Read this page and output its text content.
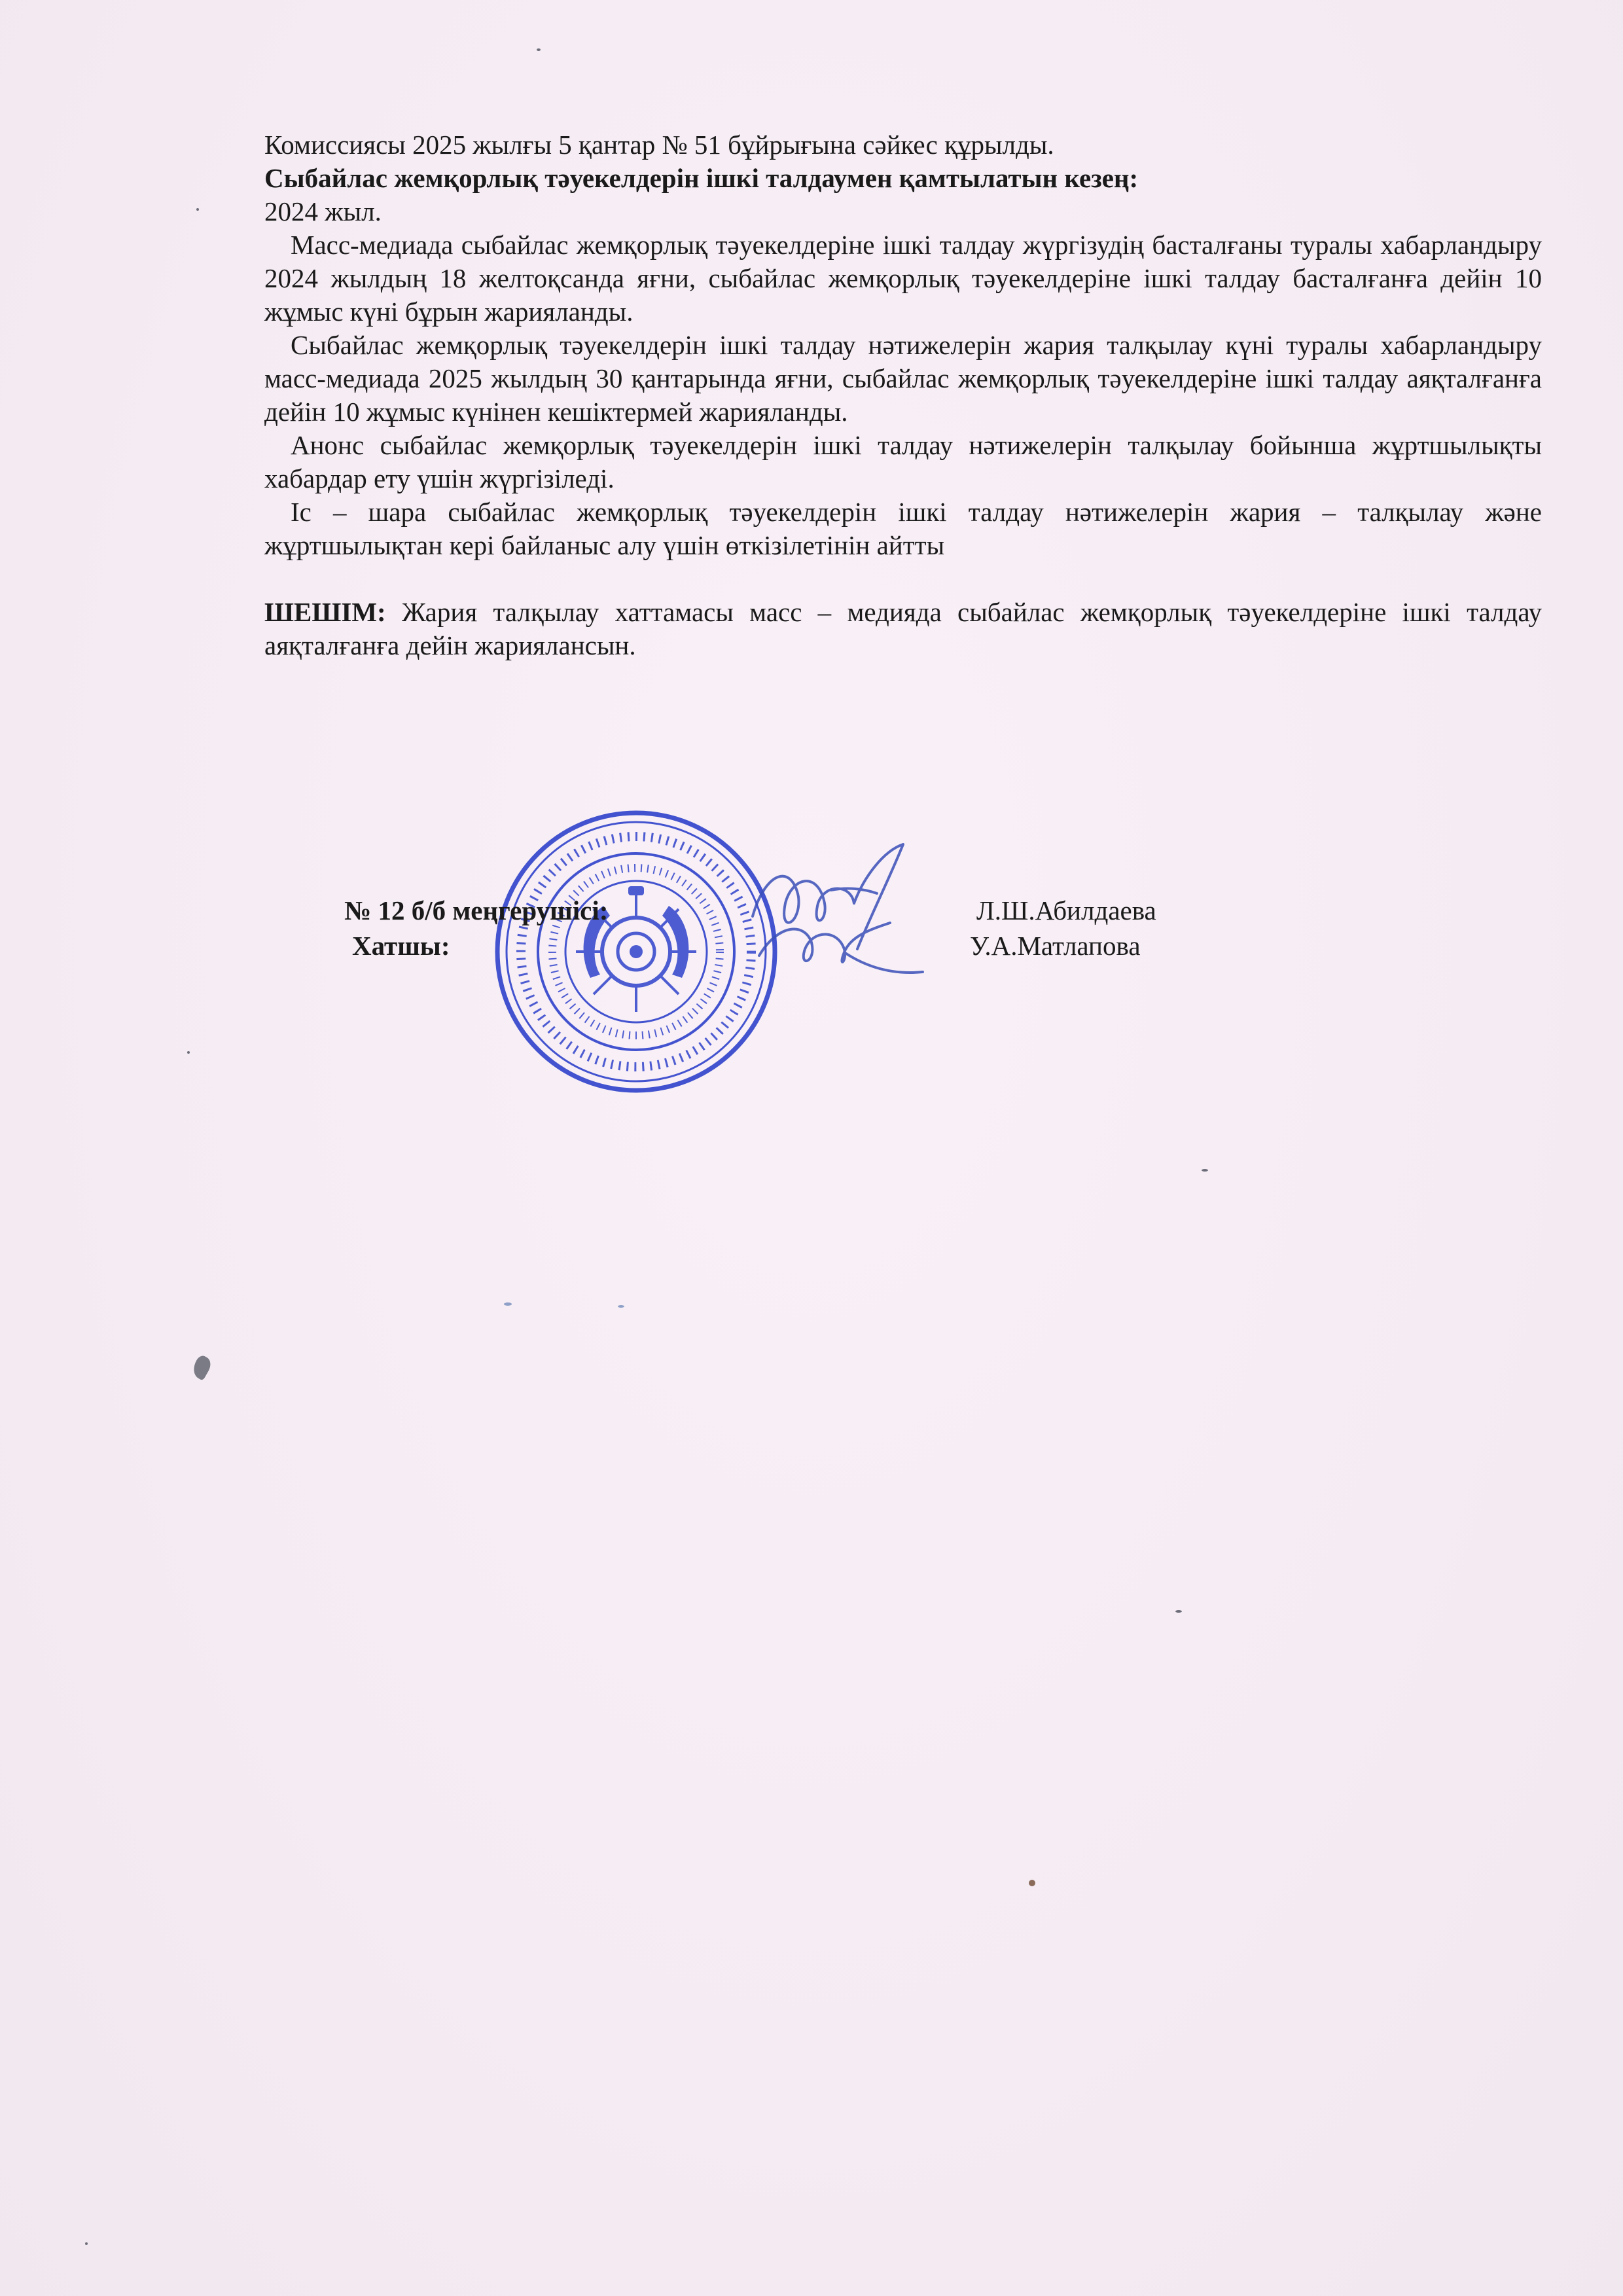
Комиссиясы 2025 жылғы 5 қантар № 51 бұйрығына сәйкес құрылды.

Сыбайлас жемқорлық тәуекелдерін ішкі талдаумен қамтылатын кезең:

2024 жыл.

Масс-медиада сыбайлас жемқорлық тәуекелдеріне ішкі талдау жүргізудің басталғаны туралы хабарландыру 2024 жылдың 18 желтоқсанда яғни, сыбайлас жемқорлық тәуекелдеріне ішкі талдау басталғанға дейін 10 жұмыс күні бұрын жарияланды.

Сыбайлас жемқорлық тәуекелдерін ішкі талдау нәтижелерін жария талқылау күні туралы хабарландыру масс-медиада 2025 жылдың 30 қантарында яғни, сыбайлас жемқорлық тәуекелдеріне ішкі талдау аяқталғанға дейін 10 жұмыс күнінен кешіктермей жарияланды.

Анонс сыбайлас жемқорлық тәуекелдерін ішкі талдау нәтижелерін талқылау бойынша жұртшылықты хабардар ету үшін жүргізіледі.

Іс – шара сыбайлас жемқорлық тәуекелдерін ішкі талдау нәтижелерін жария – талқылау және жұртшылықтан кері байланыс алу үшін өткізілетінін айтты

ШЕШІМ: Жария талқылау хаттамасы масс – медияда сыбайлас жемқорлық тәуекелдеріне ішкі талдау аяқталғанға дейін жариялансын.

№ 12 б/б меңгерушісі:	Л.Ш.Абилдаева
Хатшы:	У.А.Матлапова
